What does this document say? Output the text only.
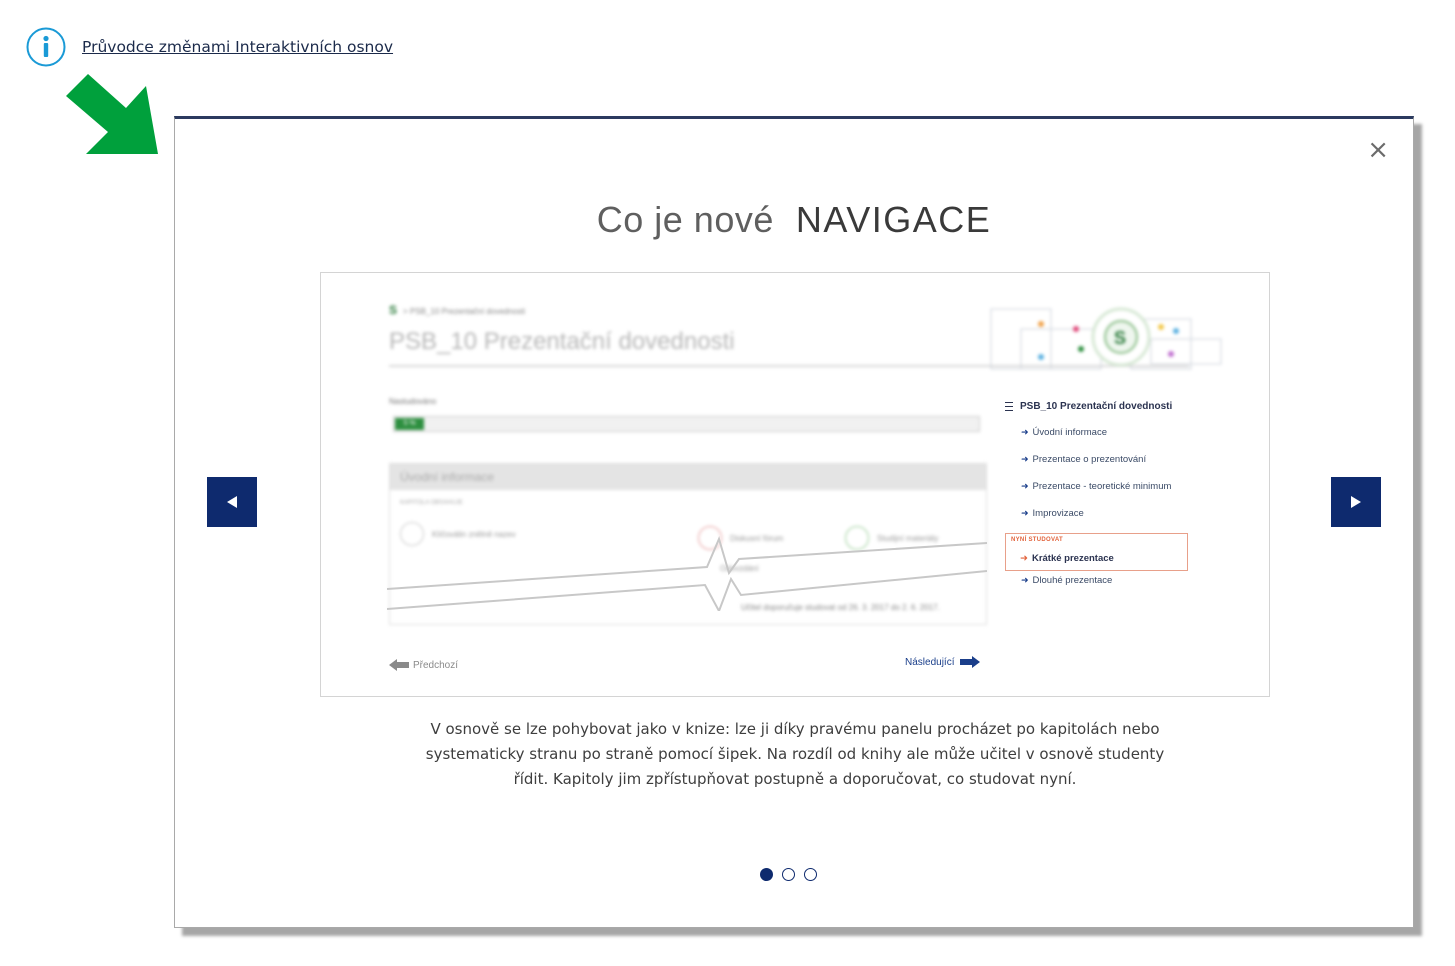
Průvodce změnami Interaktivních osnov
×
Co je nové NAVIGACE
S > PSB_10 Prezentační dovednosti
PSB_10 Prezentační dovednosti	S
Nastudováno
5 %
Úvodní informace
KAPITOLA OBSAHUJE
Klíčoválin znělně nazev	Diskusní fórum	Studijní materiály
Odevzdání
Učitel doporučuje studovat od 26. 3. 2017 do 2. 6. 2017.
PSB_10 Prezentační dovednosti
➜ Úvodní informace
➜ Prezentace o prezentování
➜ Prezentace - teoretické minimum
➜ Improvizace
NYNÍ STUDOVAT
➜ Krátké prezentace
➜ Dlouhé prezentace
Předchozí	Následující
V osnově se lze pohybovat jako v knize: lze ji díky pravému panelu procházet po kapitolách nebo systematicky stranu po straně pomocí šipek. Na rozdíl od knihy ale může učitel v osnově studenty řídit. Kapitoly jim zpřístupňovat postupně a doporučovat, co studovat nyní.
